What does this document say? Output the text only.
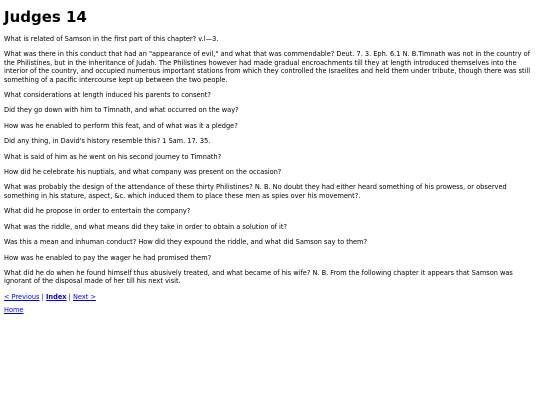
Judges 14

What is related of Samson in the first part of this chapter? v.l—3.

What was there in this conduct that had an "appearance of evil," and what that was commendable? Deut. 7. 3. Eph. 6.1 N. B.Timnath was not in the country of the Philistines, but in the inheritance of Judah. The Philistines however had made gradual encroachments till they at length introduced themselves into the interior of the country, and occupied numerous important stations from which they controlled the Israelites and held them under tribute, though there was still something of a pacific intercourse kept up between the two people.

What considerations at length induced his parents to consent?

Did they go down with him to Timnath, and what occurred on the way?

How was he enabled to perform this feat, and of what was it a pledge?

Did any thing, in David's history resemble this? 1 Sam. 17. 35.

What is said of him as he went on his second journey to Timnath?

How did he celebrate his nuptials, and what company was present on the occasion?

What was probably the design of the attendance of these thirty Philistines? N. B. No doubt they had either heard something of his prowess, or observed something in his stature, aspect, &c. which induced them to place these men as spies over his movement?.

What did he propose in order to entertain the company?

What was the riddle, and what means did they take in order to obtain a solution of it?

Was this a mean and inhuman conduct? How did they expound the riddle, and what did Samson say to them?

How was he enabled to pay the wager he had promised them?

What did he do when he found himself thus abusively treated, and what became of his wife? N. B. From the following chapter it appears that Samson was ignorant of the disposal made of her till his next visit.

< Previous | Index | Next >
Home
